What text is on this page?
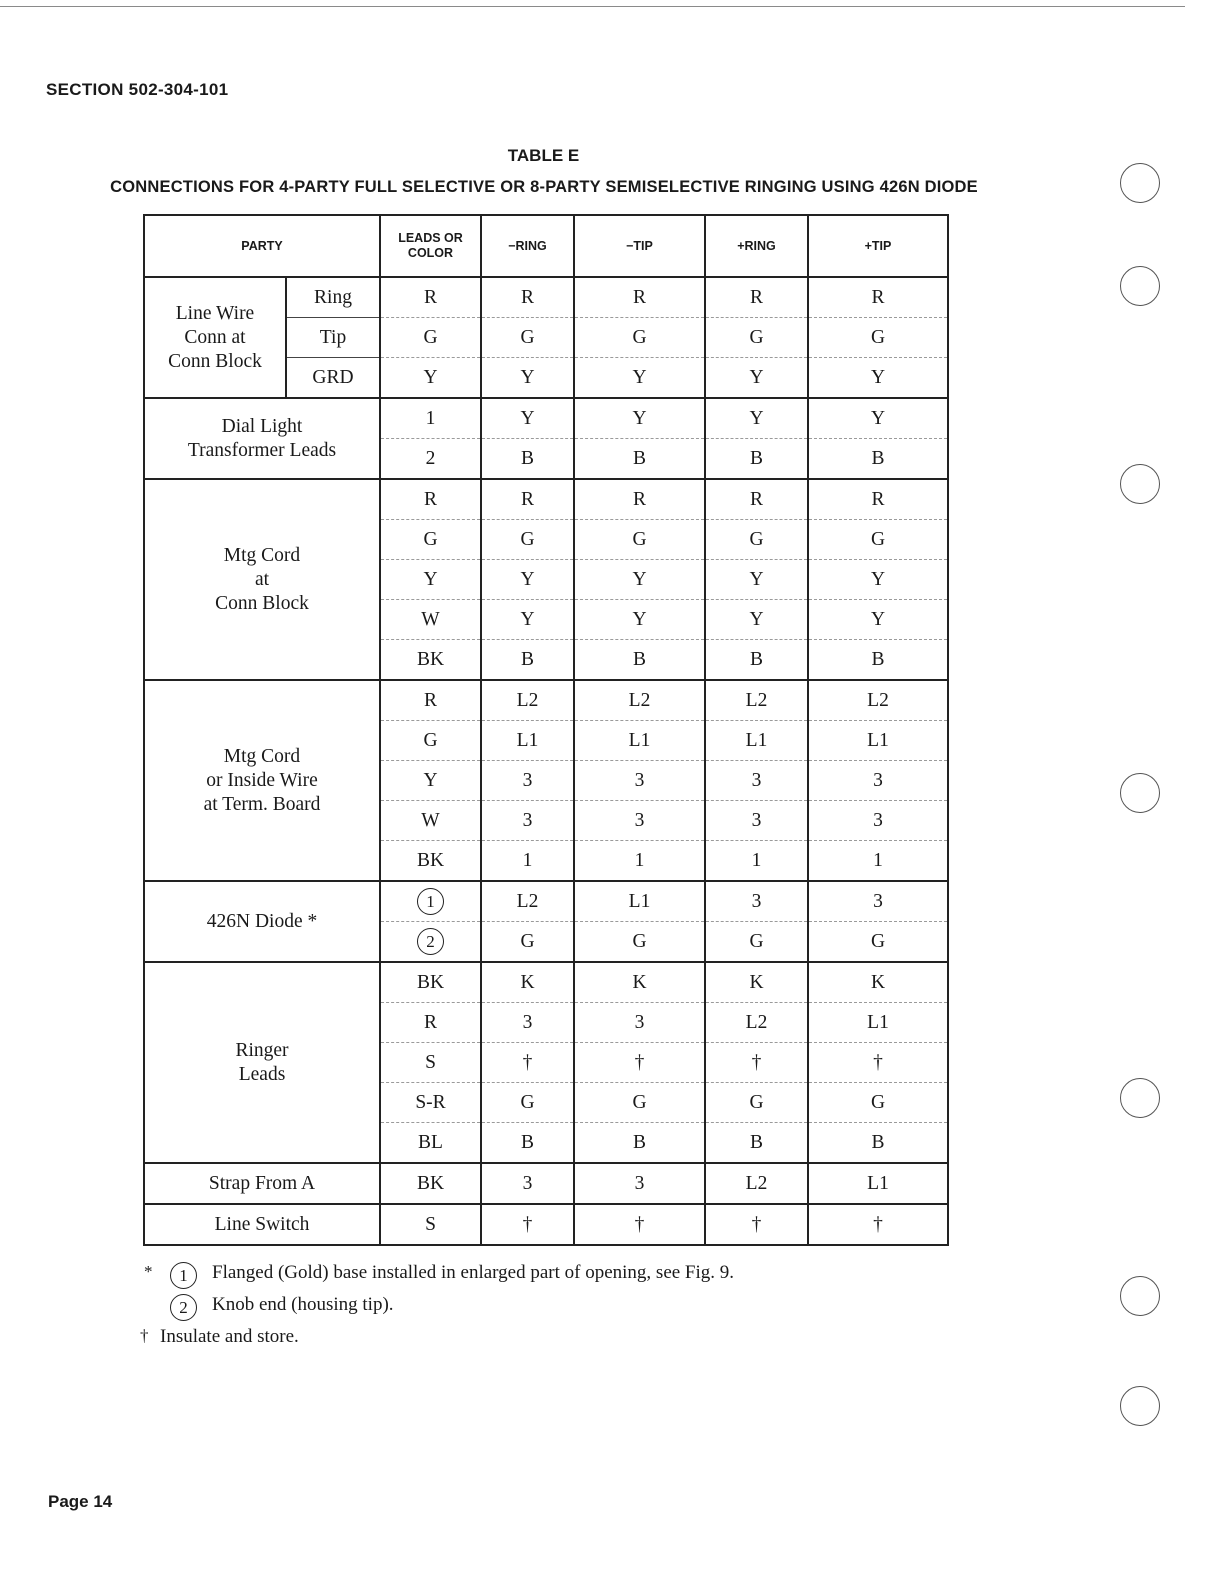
SECTION 502-304-101
TABLE E
CONNECTIONS FOR 4-PARTY FULL SELECTIVE OR 8-PARTY SEMISELECTIVE RINGING USING 426N DIODE
PARTY		LEADS OR COLOR	−RING	−TIP	+RING	+TIP
Line Wire
Conn at
Conn Block	Ring	R	R	R	R	R
	Tip	G	G	G	G	G
	GRD	Y	Y	Y	Y	Y
Dial Light
Transformer Leads		1	Y	Y	Y	Y
		2	B	B	B	B
Mtg Cord
at
Conn Block		R	R	R	R	R
		G	G	G	G	G
		Y	Y	Y	Y	Y
		W	Y	Y	Y	Y
		BK	B	B	B	B
Mtg Cord
or Inside Wire
at Term. Board		R	L2	L2	L2	L2
		G	L1	L1	L1	L1
		Y	3	3	3	3
		W	3	3	3	3
		BK	1	1	1	1
426N Diode *		1	L2	L1	3	3
		2	G	G	G	G
Ringer
Leads		BK	K	K	K	K
		R	3	3	L2	L1
		S	†	†	†	†
		S-R	G	G	G	G
		BL	B	B	B	B
Strap From A		BK	3	3	L2	L1
Line Switch		S	†	†	†	†
*	1	Flanged (Gold) base installed in enlarged part of opening, see Fig. 9.
2	Knob end (housing tip).
† Insulate and store.
Page 14
